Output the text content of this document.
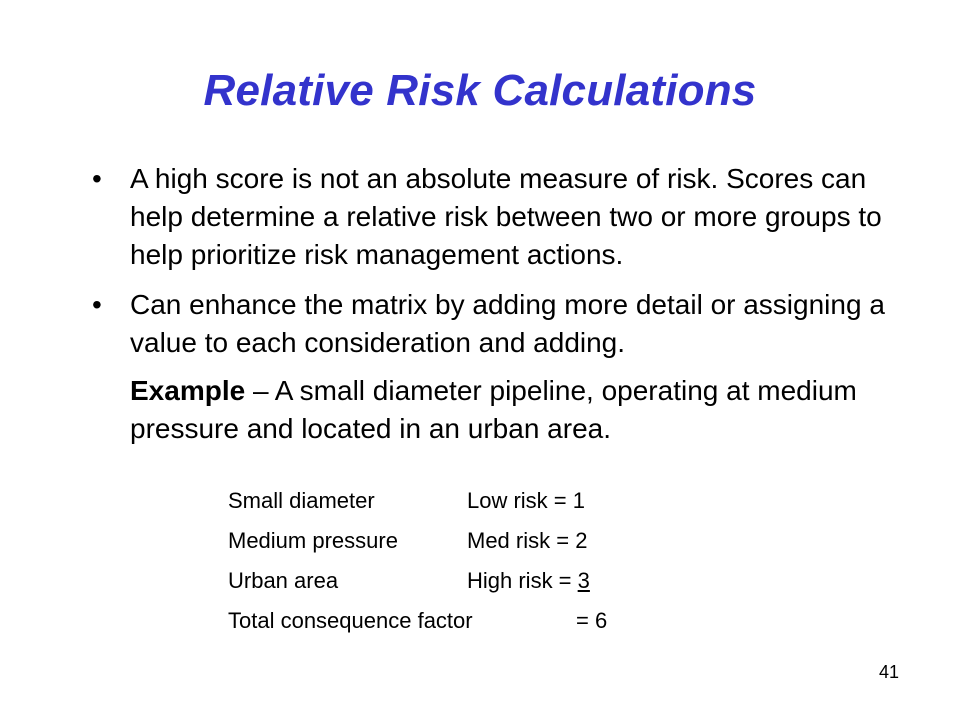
Relative Risk Calculations
• A high score is not an absolute measure of risk. Scores can help determine a relative risk between two or more groups to help prioritize risk management actions.
• Can enhance the matrix by adding more detail or assigning a value to each consideration and adding.
Example – A small diameter pipeline, operating at medium pressure and located in an urban area.
Small diameter	Low risk = 1
Medium pressure	Med risk = 2
Urban area	High risk = 3
Total consequence factor	= 6
41
